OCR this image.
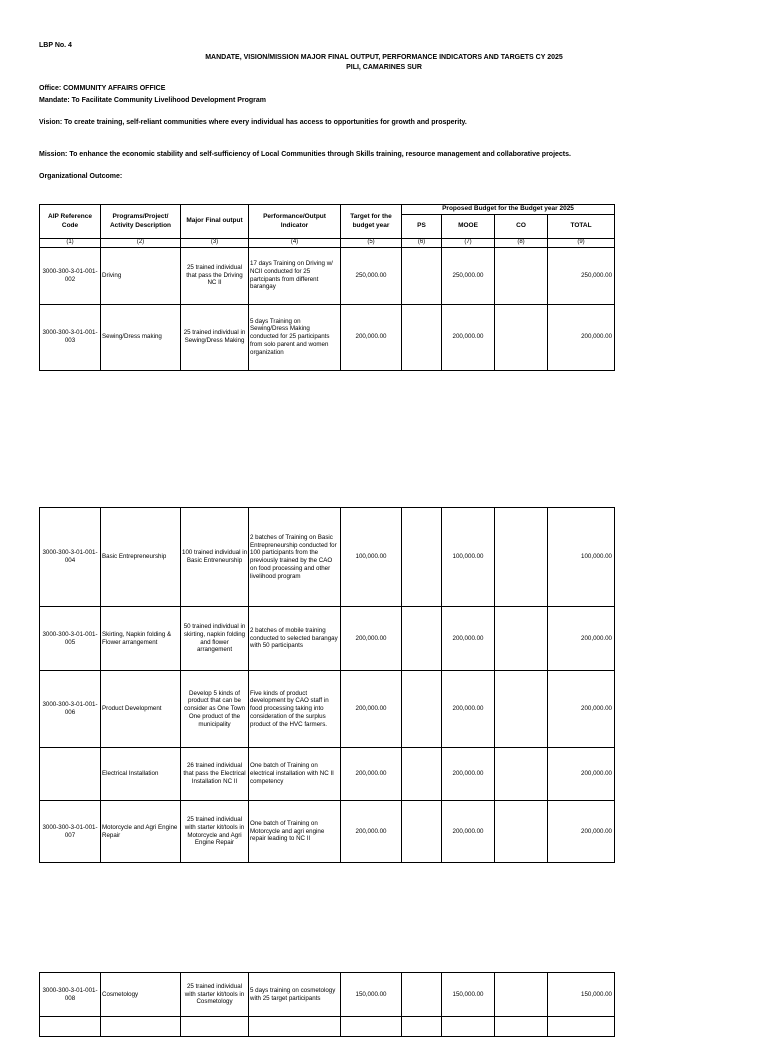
LBP No. 4
MANDATE, VISION/MISSION MAJOR FINAL OUTPUT, PERFORMANCE INDICATORS AND TARGETS CY 2025
PILI, CAMARINES SUR
Office: COMMUNITY AFFAIRS OFFICE
Mandate: To Facilitate Community Livelihood Development Program
Vision: To create training, self-reliant communities where every individual has access to opportunities for growth and prosperity.
Mission: To enhance the economic stability and self-sufficiency of Local Communities through Skills training, resource management and collaborative projects.
Organizational Outcome:
AIP Reference Code	Programs/Project/ Activity Description	Major Final output	Performance/Output Indicator	Target for the budget year	Proposed Budget for the Budget year 2025			
					PS	MOOE	CO	TOTAL
(1)	(2)	(3)	(4)	(5)	(6)	(7)	(8)	(9)
3000-300-3-01-001-002	Driving	25 trained individual that pass the Driving NC II	17 days Training on Driving w/ NCII conducted for 25 partcipants from different barangay	250,000.00		250,000.00		250,000.00
3000-300-3-01-001-003	Sewing/Dress making	25 trained individual in Sewing/Dress Making	5 days Training on Sewing/Dress Making conducted for 25 participants from solo parent and women organization	200,000.00		200,000.00		200,000.00
3000-300-3-01-001-004	Basic Entrepreneurship	100 trained individual in Basic Entreneurship	2 batches of Training on Basic Entrepreneurship conducted for 100 participants from the previously trained by the CAO on food processing and other livelihood program	100,000.00		100,000.00		100,000.00
3000-300-3-01-001-005	Skirting, Napkin folding & Flower arrangement	50 trained individual in skirting, napkin folding and flower arrangement	2 batches of mobile training conducted to selected barangay with 50 participants	200,000.00		200,000.00		200,000.00
3000-300-3-01-001-006	Product Development	Develop 5 kinds of product that can be consider as One Town One product of the municipality	Five kinds of product development by CAO staff in food processing taking into consideration of the surplus product of the HVC farmers.	200,000.00		200,000.00		200,000.00
	Electrical Installation	26 trained individual that pass the Electrical Installation NC II	One batch of Training on electrical installation with NC II competency	200,000.00		200,000.00		200,000.00
3000-300-3-01-001-007	Motorcycle and Agri Engine Repair	25 trained individual with starter kit/tools in Motorcycle and Agri Engine Repair	One batch of Training on Motorcycle and agri engine repair leading to NC II	200,000.00		200,000.00		200,000.00
3000-300-3-01-001-008	Cosmetology	25 trained individual with starter kit/tools in Cosmetology	5 days training on cosmetology with 25 target participants	150,000.00		150,000.00		150,000.00
